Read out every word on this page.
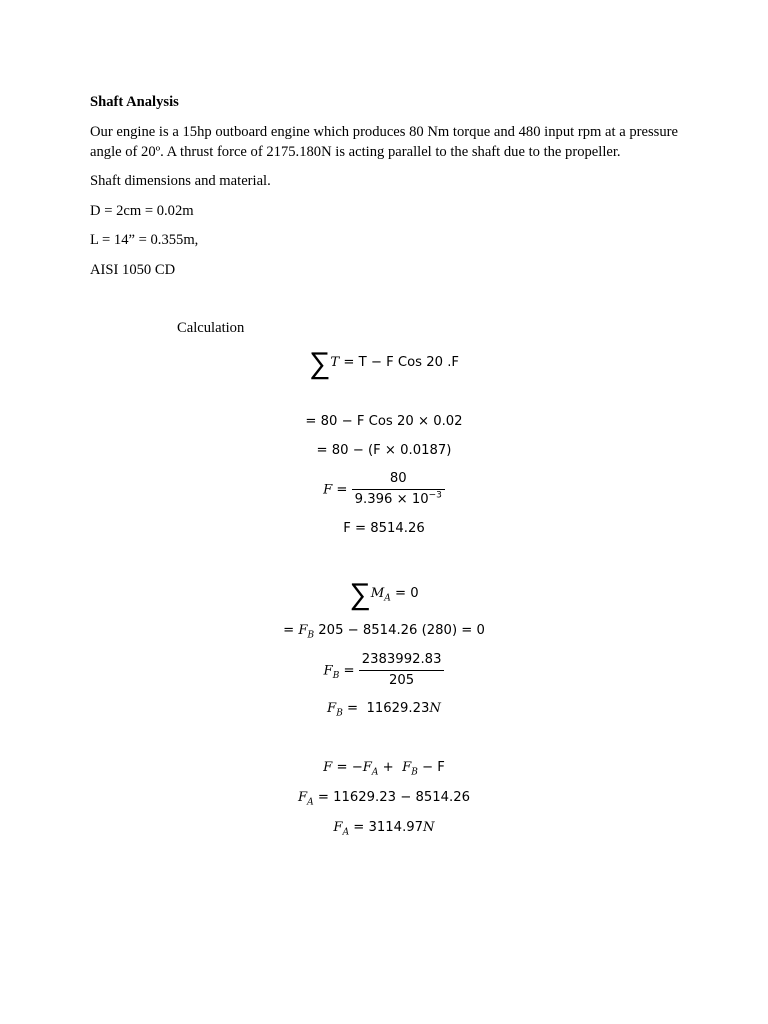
Shaft Analysis
Our engine is a 15hp outboard engine which produces 80 Nm torque and 480 input rpm at a pressure angle of 20º. A thrust force of 2175.180N is acting parallel to the shaft due to the propeller.
Shaft dimensions and material.
D = 2cm = 0.02m
L = 14” = 0.355m,
AISI 1050 CD
Calculation
∑T = T − F Cos 20 .F
= 80 − F Cos 20 × 0.02
= 80 − (F × 0.0187)
$F = \frac{80}{9.396 \times 10^{-3}}$
F = 8514.26
$\sum M_A = 0$
= $F_B$ 205 − 8514.26 (280) = 0
$F_B = \frac{2383992.83}{205}$
$F_B = 11629.23N$
$F = -F_A + F_B - F$
$F_A = 11629.23 - 8514.26$
$F_A = 3114.97N$
